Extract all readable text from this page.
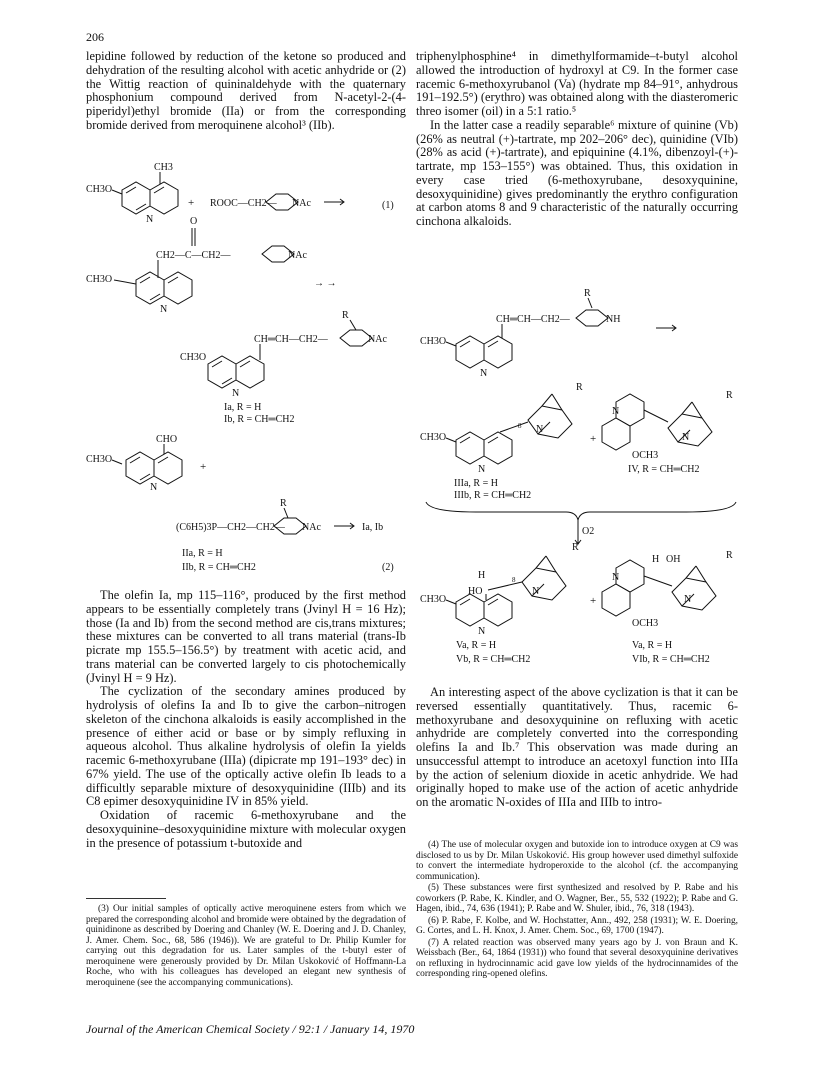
206

lepidine followed by reduction of the ketone so produced and dehydration of the resulting alcohol with acetic anhydride or (2) the Wittig reaction of quininaldehyde with the quaternary phosphonium compound derived from N-acetyl-2-(4-piperidyl)ethyl bromide (IIa) or from the corresponding bromide derived from meroquinene alcohol³ (IIb).

CH3
CH3O
N
+ ROOC—CH2— NAc	(1)
O
CH2—C—CH2—	NAc
CH3O
N
→ →
R
CH═CH—CH2—	NAc
CH3O
N
Ia, R = H
Ib, R = CH═CH2
CHO
CH3O
N
+
R
(C6H5)3P—CH2—CH2— NAc	Ia, Ib
IIa, R = H
IIb, R = CH═CH2	(2)

The olefin Ia, mp 115–116°, produced by the first method appears to be essentially completely trans (Jvinyl H = 16 Hz); those (Ia and Ib) from the second method are cis,trans mixtures; these mixtures can be converted to all trans material (trans-Ib picrate mp 155.5–156.5°) by treatment with acetic acid, and trans material can be converted largely to cis photochemically (Jvinyl H = 9 Hz).

The cyclization of the secondary amines produced by hydrolysis of olefins Ia and Ib to give the carbon–nitrogen skeleton of the cinchona alkaloids is easily accomplished in the presence of either acid or base or by simply refluxing in aqueous alcohol. Thus alkaline hydrolysis of olefin Ia yields racemic 6-methoxyrubane (IIIa) (dipicrate mp 191–193° dec) in 67% yield. The use of the optically active olefin Ib leads to a difficultly separable mixture of desoxyquinidine (IIIb) and its C8 epimer desoxyquinidine IV in 85% yield.

Oxidation of racemic 6-methoxyrubane and the desoxyquinine–desoxyquinidine mixture with molecular oxygen in the presence of potassium t-butoxide and

(3) Our initial samples of optically active meroquinene esters from which we prepared the corresponding alcohol and bromide were obtained by the degradation of quinidinone as described by Doering and Chanley (W. E. Doering and J. D. Chanley, J. Amer. Chem. Soc., 68, 586 (1946)). We are grateful to Dr. Philip Kumler for carrying out this degradation for us. Later samples of the t-butyl ester of meroquinene were generously provided by Dr. Milan Uskoković of Hoffmann-La Roche, who with his colleagues has developed an elegant new synthesis of meroquinene (see the accompanying communications).

triphenylphosphine⁴ in dimethylformamide–t-butyl alcohol allowed the introduction of hydroxyl at C9. In the former case racemic 6-methoxyrubanol (Va) (hydrate mp 84–91°, anhydrous 191–192.5°) (erythro) was obtained along with the diasteromeric threo isomer (oil) in a 5:1 ratio.⁵

In the latter case a readily separable⁶ mixture of quinine (Vb) (26% as neutral (+)-tartrate, mp 202–206° dec), quinidine (VIb) (28% as acid (+)-tartrate), and epiquinine (4.1%, dibenzoyl-(+)-tartrate, mp 153–155°) was obtained. Thus, this oxidation in every case tried (6-methoxyrubane, desoxyquinine, desoxyquinidine) gives predominantly the erythro configuration at carbon atoms 8 and 9 characteristic of the naturally occurring cinchona alkaloids.

R
CH═CH—CH2—	NH
CH3O
N
R
N
8
CH3O
N
IIIa, R = H
IIIb, R = CH═CH2
+
R
N
N
OCH3
IV, R = CH═CH2
O2
R
N
H
HO
8
CH3O
N
Va, R = H
Vb, R = CH═CH2
+
R
H OH
N
N
OCH3
Va, R = H
VIb, R = CH═CH2

An interesting aspect of the above cyclization is that it can be reversed essentially quantitatively. Thus, racemic 6-methoxyrubane and desoxyquinine on refluxing with acetic anhydride are completely converted into the corresponding olefins Ia and Ib.⁷ This observation was made during an unsuccessful attempt to introduce an acetoxyl function into IIIa by the action of selenium dioxide in acetic anhydride. We had originally hoped to make use of the action of acetic anhydride on the aromatic N-oxides of IIIa and IIIb to intro-

(4) The use of molecular oxygen and butoxide ion to introduce oxygen at C9 was disclosed to us by Dr. Milan Uskoković. His group however used dimethyl sulfoxide to convert the intermediate hydroperoxide to the alcohol (cf. the accompanying communication).

(5) These substances were first synthesized and resolved by P. Rabe and his coworkers (P. Rabe, K. Kindler, and O. Wagner, Ber., 55, 532 (1922); P. Rabe and G. Hagen, ibid., 74, 636 (1941); P. Rabe and W. Shuler, ibid., 76, 318 (1943).

(6) P. Rabe, F. Kolbe, and W. Hochstatter, Ann., 492, 258 (1931); W. E. Doering, G. Cortes, and L. H. Knox, J. Amer. Chem. Soc., 69, 1700 (1947).

(7) A related reaction was observed many years ago by J. von Braun and K. Weissbach (Ber., 64, 1864 (1931)) who found that several desoxyquinine derivatives on refluxing in hydrocinnamic acid gave low yields of the hydrocinnamides of the corresponding ring-opened olefins.

Journal of the American Chemical Society / 92:1 / January 14, 1970
